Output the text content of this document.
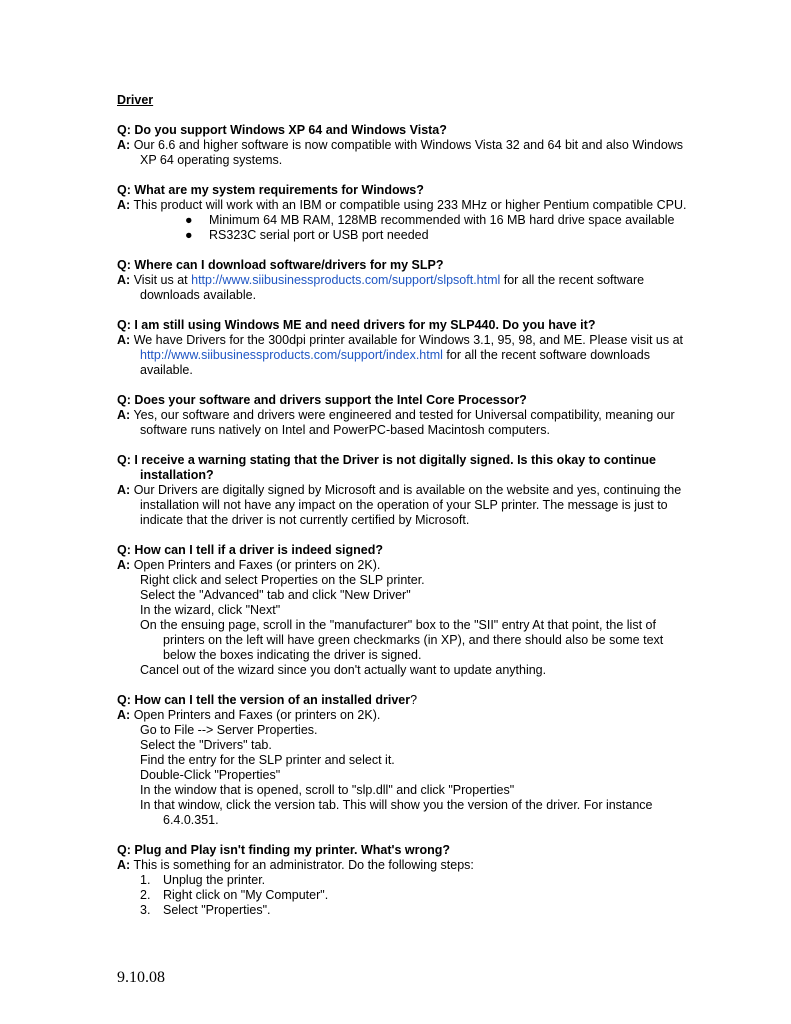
Driver
Q: Do you support Windows XP 64 and Windows Vista?
A: Our 6.6 and higher software is now compatible with Windows Vista 32 and 64 bit and also Windows XP 64 operating systems.
Q: What are my system requirements for Windows?
A: This product will work with an IBM or compatible using 233 MHz or higher Pentium compatible CPU.
● Minimum 64 MB RAM, 128MB recommended with 16 MB hard drive space available
● RS323C serial port or USB port needed
Q: Where can I download software/drivers for my SLP?
A: Visit us at http://www.siibusinessproducts.com/support/slpsoft.html for all the recent software downloads available.
Q: I am still using Windows ME and need drivers for my SLP440. Do you have it?
A: We have Drivers for the 300dpi printer available for Windows 3.1, 95, 98, and ME. Please visit us at http://www.siibusinessproducts.com/support/index.html for all the recent software downloads available.
Q: Does your software and drivers support the Intel Core Processor?
A: Yes, our software and drivers were engineered and tested for Universal compatibility, meaning our software runs natively on Intel and PowerPC-based Macintosh computers.
Q: I receive a warning stating that the Driver is not digitally signed. Is this okay to continue
installation?
A: Our Drivers are digitally signed by Microsoft and is available on the website and yes, continuing the installation will not have any impact on the operation of your SLP printer. The message is just to indicate that the driver is not currently certified by Microsoft.
Q: How can I tell if a driver is indeed signed?
A: Open Printers and Faxes (or printers on 2K).
Right click and select Properties on the SLP printer.
Select the "Advanced" tab and click "New Driver"
In the wizard, click "Next"
On the ensuing page, scroll in the "manufacturer" box to the "SII" entry At that point, the list of printers on the left will have green checkmarks (in XP), and there should also be some text below the boxes indicating the driver is signed.
Cancel out of the wizard since you don't actually want to update anything.
Q: How can I tell the version of an installed driver?
A: Open Printers and Faxes (or printers on 2K).
Go to File --> Server Properties.
Select the "Drivers" tab.
Find the entry for the SLP printer and select it.
Double-Click "Properties"
In the window that is opened, scroll to "slp.dll" and click "Properties"
In that window, click the version tab. This will show you the version of the driver. For instance 6.4.0.351.
Q: Plug and Play isn't finding my printer. What's wrong?
A: This is something for an administrator. Do the following steps:
1. Unplug the printer.
2. Right click on "My Computer".
3. Select "Properties".
9.10.08
